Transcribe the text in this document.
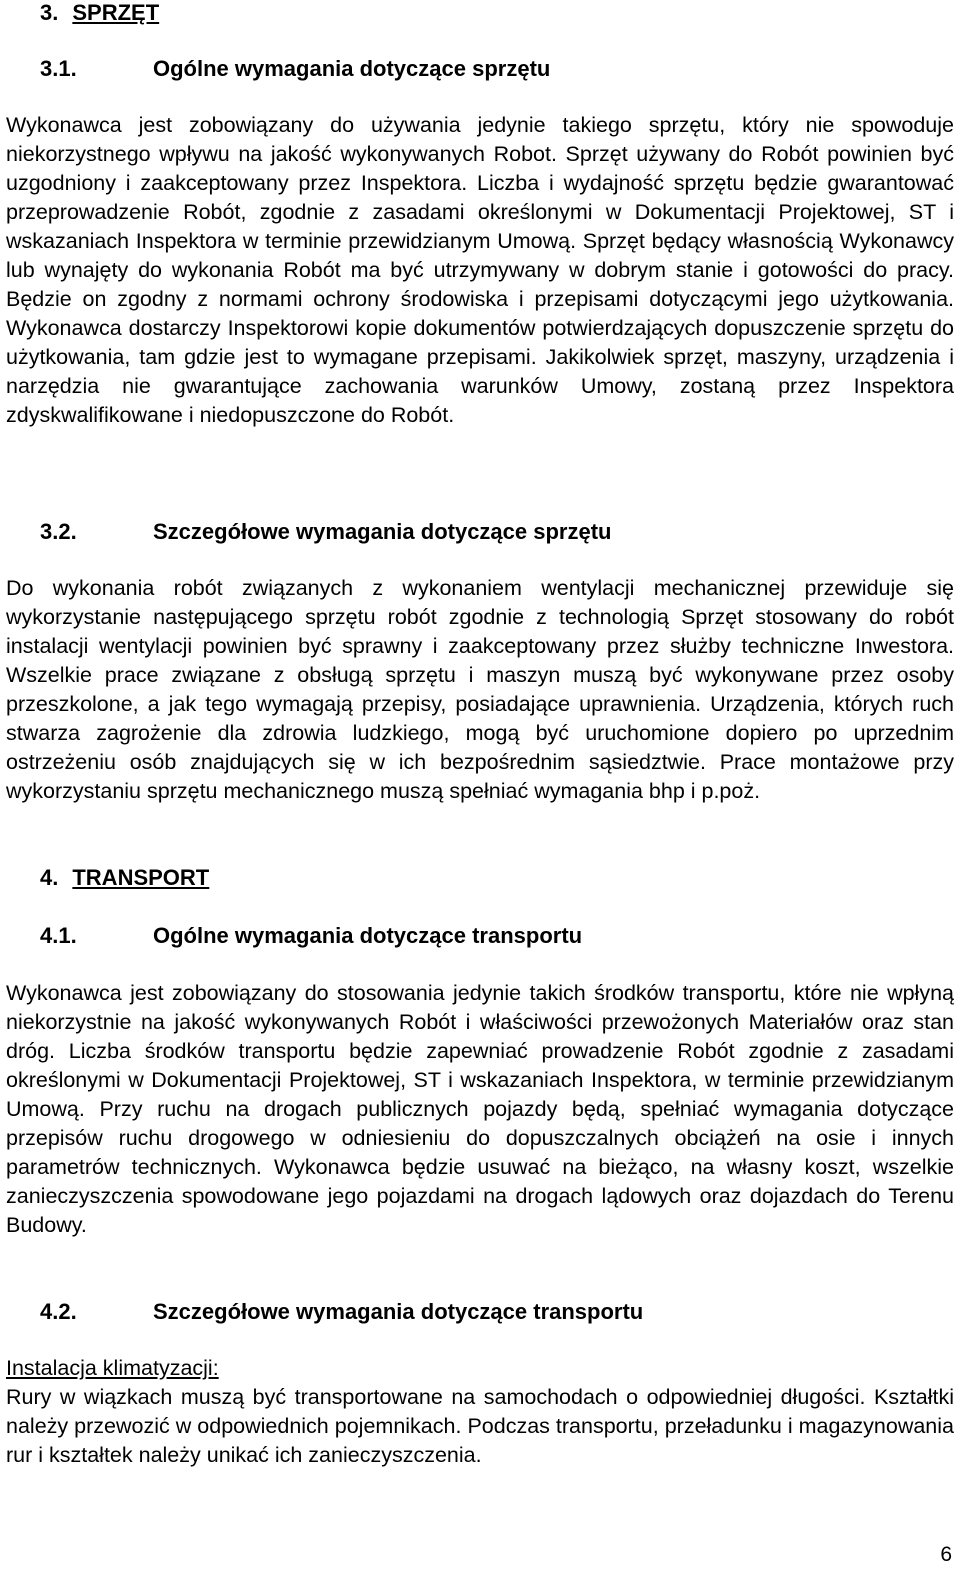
3. SPRZĘT
3.1.	Ogólne wymagania dotyczące sprzętu
Wykonawca jest zobowiązany do używania jedynie takiego sprzętu, który nie spowoduje niekorzystnego wpływu na jakość wykonywanych Robot. Sprzęt używany do Robót powinien być uzgodniony i zaakceptowany przez Inspektora. Liczba i wydajność sprzętu będzie gwarantować przeprowadzenie Robót, zgodnie z zasadami określonymi w Dokumentacji Projektowej, ST i wskazaniach Inspektora w terminie przewidzianym Umową. Sprzęt będący własnością Wykonawcy lub wynajęty do wykonania Robót ma być utrzymywany w dobrym stanie i gotowości do pracy. Będzie on zgodny z normami ochrony środowiska i przepisami dotyczącymi jego użytkowania. Wykonawca dostarczy Inspektorowi kopie dokumentów potwierdzających dopuszczenie sprzętu do użytkowania, tam gdzie jest to wymagane przepisami. Jakikolwiek sprzęt, maszyny, urządzenia i narzędzia nie gwarantujące zachowania warunków Umowy, zostaną przez Inspektora zdyskwalifikowane i niedopuszczone do Robót.
3.2.	Szczegółowe wymagania dotyczące sprzętu
Do wykonania robót związanych z wykonaniem wentylacji mechanicznej przewiduje się wykorzystanie następującego sprzętu robót zgodnie z technologią Sprzęt stosowany do robót instalacji wentylacji powinien być sprawny i zaakceptowany przez służby techniczne Inwestora. Wszelkie prace związane z obsługą sprzętu i maszyn muszą być wykonywane przez osoby przeszkolone, a jak tego wymagają przepisy, posiadające uprawnienia. Urządzenia, których ruch stwarza zagrożenie dla zdrowia ludzkiego, mogą być uruchomione dopiero po uprzednim ostrzeżeniu osób znajdujących się w ich bezpośrednim sąsiedztwie. Prace montażowe przy wykorzystaniu sprzętu mechanicznego muszą spełniać wymagania bhp i p.poż.
4. TRANSPORT
4.1.	Ogólne wymagania dotyczące transportu
Wykonawca jest zobowiązany do stosowania jedynie takich środków transportu, które nie wpłyną niekorzystnie na jakość wykonywanych Robót i właściwości przewożonych Materiałów oraz stan dróg. Liczba środków transportu będzie zapewniać prowadzenie Robót zgodnie z zasadami określonymi w Dokumentacji Projektowej, ST i wskazaniach Inspektora, w terminie przewidzianym Umową. Przy ruchu na drogach publicznych pojazdy będą, spełniać wymagania dotyczące przepisów ruchu drogowego w odniesieniu do dopuszczalnych obciążeń na osie i innych parametrów technicznych. Wykonawca będzie usuwać na bieżąco, na własny koszt, wszelkie zanieczyszczenia spowodowane jego pojazdami na drogach lądowych oraz dojazdach do Terenu Budowy.
4.2.	Szczegółowe wymagania dotyczące transportu
Instalacja klimatyzacji:
Rury w wiązkach muszą być transportowane na samochodach o odpowiedniej długości. Kształtki należy przewozić w odpowiednich pojemnikach. Podczas transportu, przeładunku i magazynowania rur i kształtek należy unikać ich zanieczyszczenia.
6
